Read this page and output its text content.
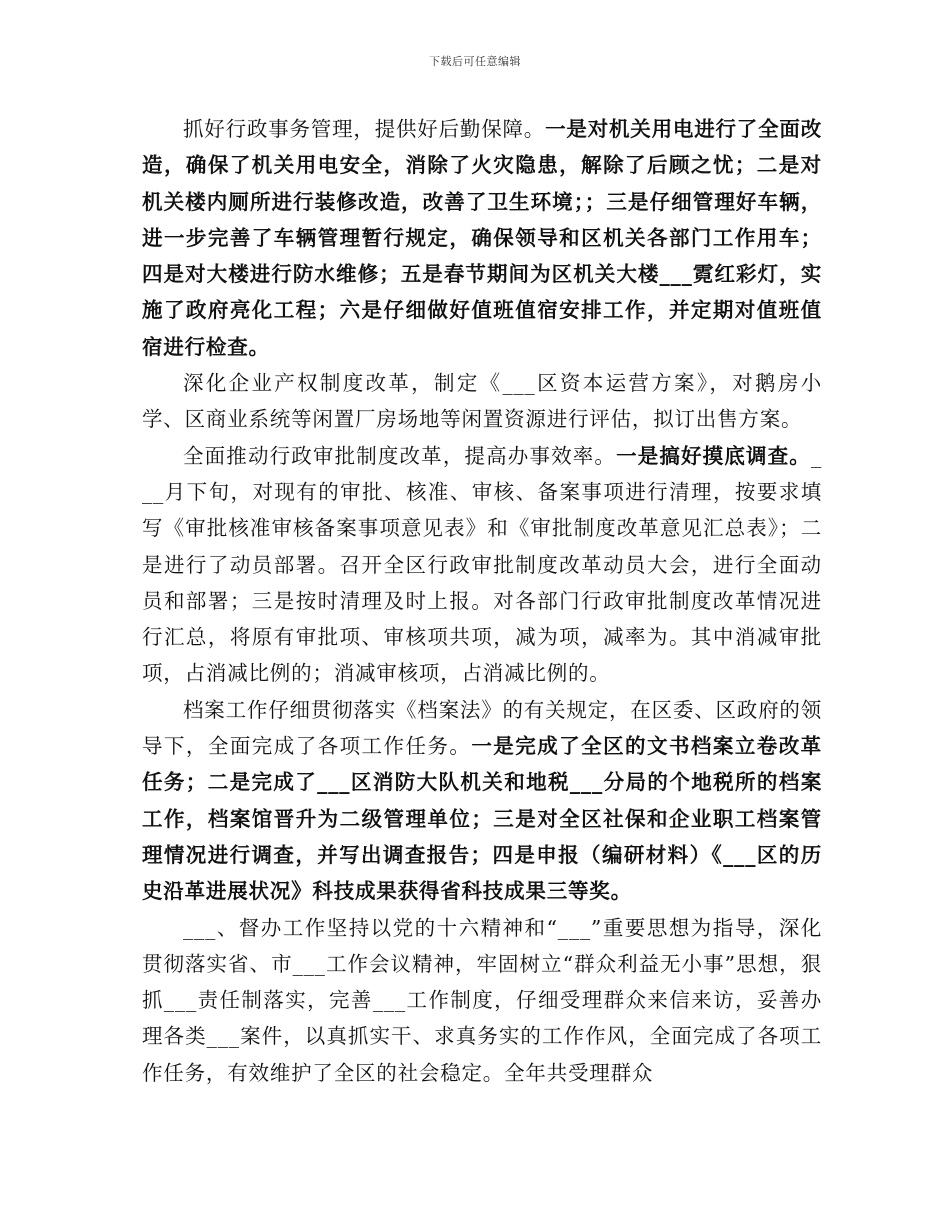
下载后可任意编辑

抓好行政事务管理，提供好后勤保障。一是对机关用电进行了全面改造，确保了机关用电安全，消除了火灾隐患，解除了后顾之忧；二是对机关楼内厕所进行装修改造，改善了卫生环境；；三是仔细管理好车辆，进一步完善了车辆管理暂行规定，确保领导和区机关各部门工作用车；四是对大楼进行防水维修；五是春节期间为区机关大楼___霓红彩灯，实施了政府亮化工程；六是仔细做好值班值宿安排工作，并定期对值班值宿进行检查。

深化企业产权制度改革，制定《___区资本运营方案》，对鹅房小学、区商业系统等闲置厂房场地等闲置资源进行评估，拟订出售方案。

全面推动行政审批制度改革，提高办事效率。一是搞好摸底调查。___月下旬，对现有的审批、核准、审核、备案事项进行清理，按要求填写《审批核准审核备案事项意见表》和《审批制度改革意见汇总表》；二是进行了动员部署。召开全区行政审批制度改革动员大会，进行全面动员和部署；三是按时清理及时上报。对各部门行政审批制度改革情况进行汇总，将原有审批项、审核项共项，减为项，减率为。其中消减审批项，占消减比例的；消减审核项，占消减比例的。

档案工作仔细贯彻落实《档案法》的有关规定，在区委、区政府的领导下，全面完成了各项工作任务。一是完成了全区的文书档案立卷改革任务；二是完成了___区消防大队机关和地税___分局的个地税所的档案工作，档案馆晋升为二级管理单位；三是对全区社保和企业职工档案管理情况进行调查，并写出调查报告；四是申报（编研材料）《___区的历史沿革进展状况》科技成果获得省科技成果三等奖。

___、督办工作坚持以党的十六精神和“___”重要思想为指导，深化贯彻落实省、市___工作会议精神，牢固树立“群众利益无小事”思想，狠抓___责任制落实，完善___工作制度，仔细受理群众来信来访，妥善办理各类___案件，以真抓实干、求真务实的工作作风，全面完成了各项工作任务，有效维护了全区的社会稳定。全年共受理群众
